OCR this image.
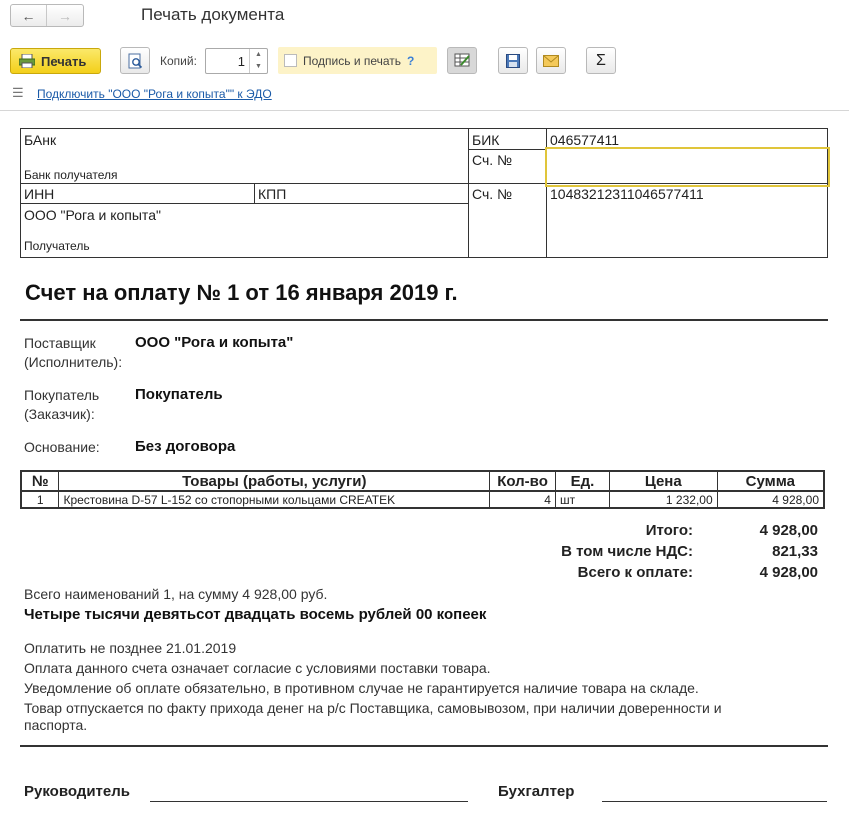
← →	Печать документа
Печать	Копий:	1	▲
▼	Подпись и печать ?	Σ
☰ Подключить "ООО "Рога и копыта"" к ЭДО
БАнк
Банк получателя
БИК	046577411
Сч. №
ИНН	КПП	Сч. №	10483212311046577411
ООО "Рога и копыта"
Получатель
Счет на оплату № 1 от 16 января 2019 г.
Поставщик
(Исполнитель):
ООО "Рога и копыта"
Покупатель
(Заказчик):
Покупатель
Основание: Без договора
№	Товары (работы, услуги)	Кол-во	Ед.	Цена	Сумма
1	Крестовина D-57 L-152 со стопорными кольцами CREATEK	4	шт	1 232,00	4 928,00
Итого:	4 928,00
В том числе НДС:	821,33
Всего к оплате:	4 928,00
Всего наименований 1, на сумму 4 928,00 руб.
Четыре тысячи девятьсот двадцать восемь рублей 00 копеек
Оплатить не позднее 21.01.2019
Оплата данного счета означает согласие с условиями поставки товара.
Уведомление об оплате обязательно, в противном случае не гарантируется наличие товара на складе.
Товар отпускается по факту прихода денег на р/с Поставщика, самовывозом, при наличии доверенности и
паспорта.
Руководитель	Бухгалтер
